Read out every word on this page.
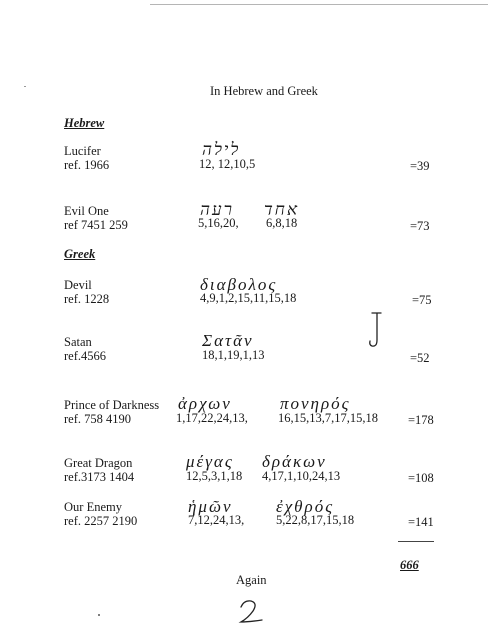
In Hebrew and Greek
Hebrew
Lucifer
ref. 1966
לילה
12, 12,10,5	=39
Evil One
ref 7451 259
רעה
5,16,20,
אחד
6,8,18	=73
Greek
Devil
ref. 1228
διαβολος
4,9,1,2,15,11,15,18	=75
Satan
ref.4566
Σατᾶν
18,1,19,1,13	=52
Prince of Darkness
ref. 758 4190
ἀρχων
1,17,22,24,13,
πονηρός
16,15,13,7,17,15,18 =178
Great Dragon
ref.3173 1404
μέγας
12,5,3,1,18
δράκων
4,17,1,10,24,13	=108
Our Enemy
ref. 2257 2190
ἡμῶν
7,12,24,13,
ἐχθρός
5,22,8,17,15,18	=141
666
Again
